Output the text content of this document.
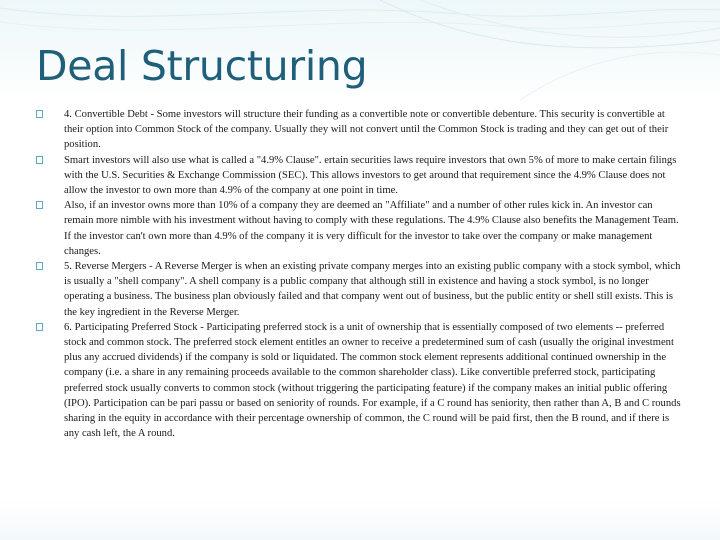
Deal Structuring
4. Convertible Debt - Some investors will structure their funding as a convertible note or convertible debenture. This security is convertible at their option into Common Stock of the company. Usually they will not convert until the Common Stock is trading and they can get out of their position.
Smart investors will also use what is called a "4.9% Clause". ertain securities laws require investors that own 5% of more to make certain filings with the U.S. Securities & Exchange Commission (SEC). This allows investors to get around that requirement since the 4.9% Clause does not allow the investor to own more than 4.9% of the company at one point in time.
Also, if an investor owns more than 10% of a company they are deemed an "Affiliate" and a number of other rules kick in. An investor can remain more nimble with his investment without having to comply with these regulations. The 4.9% Clause also benefits the Management Team. If the investor can't own more than 4.9% of the company it is very difficult for the investor to take over the company or make management changes.
5. Reverse Mergers - A Reverse Merger is when an existing private company merges into an existing public company with a stock symbol, which is usually a "shell company". A shell company is a public company that although still in existence and having a stock symbol, is no longer operating a business. The business plan obviously failed and that company went out of business, but the public entity or shell still exists. This is the key ingredient in the Reverse Merger.
6. Participating Preferred Stock - Participating preferred stock is a unit of ownership that is essentially composed of two elements -- preferred stock and common stock. The preferred stock element entitles an owner to receive a predetermined sum of cash (usually the original investment plus any accrued dividends) if the company is sold or liquidated. The common stock element represents additional continued ownership in the company (i.e. a share in any remaining proceeds available to the common shareholder class). Like convertible preferred stock, participating preferred stock usually converts to common stock (without triggering the participating feature) if the company makes an initial public offering (IPO). Participation can be pari passu or based on seniority of rounds. For example, if a C round has seniority, then rather than A, B and C rounds sharing in the equity in accordance with their percentage ownership of common, the C round will be paid first, then the B round, and if there is any cash left, the A round.
